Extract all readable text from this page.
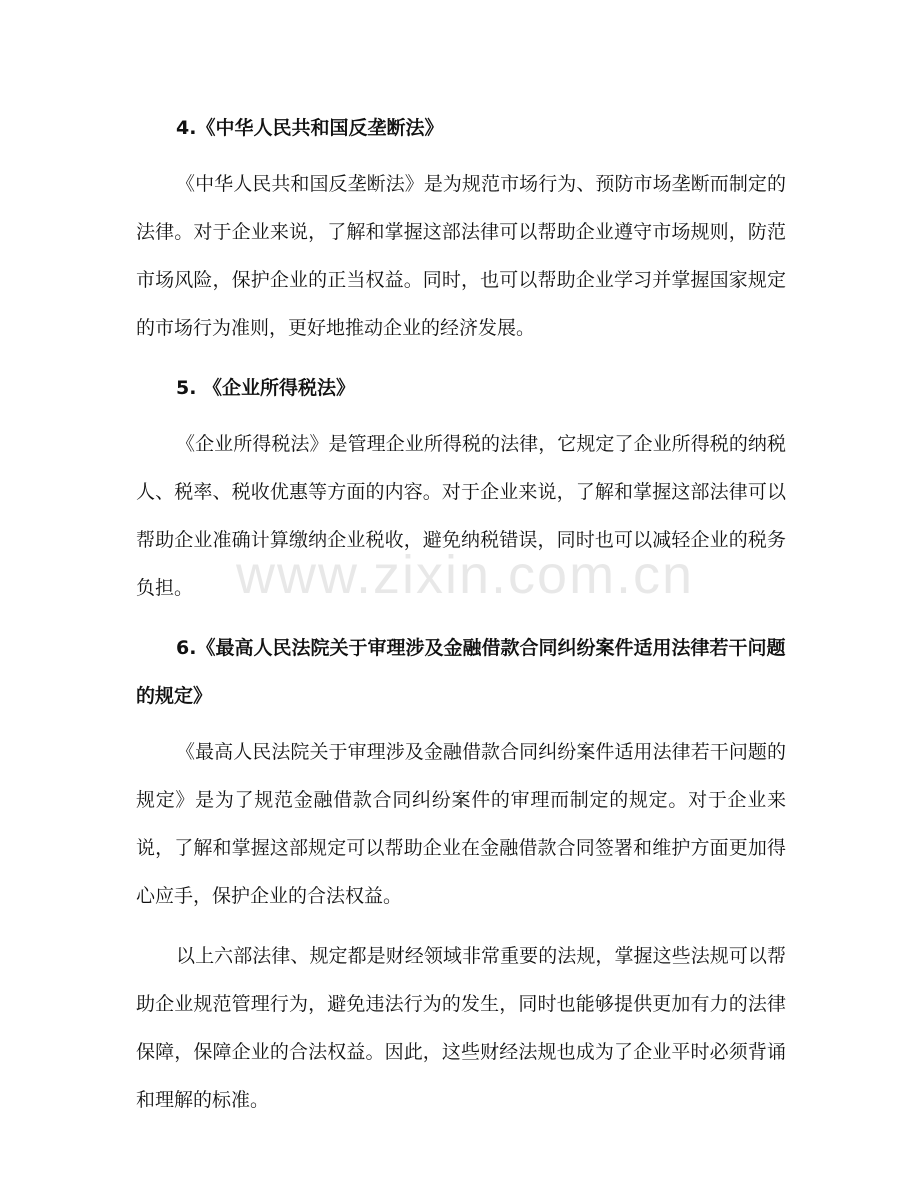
4.《中华人民共和国反垄断法》

《中华人民共和国反垄断法》是为规范市场行为、预防市场垄断而制定的法律。对于企业来说，了解和掌握这部法律可以帮助企业遵守市场规则，防范市场风险，保护企业的正当权益。同时，也可以帮助企业学习并掌握国家规定的市场行为准则，更好地推动企业的经济发展。

5. 《企业所得税法》

《企业所得税法》是管理企业所得税的法律，它规定了企业所得税的纳税人、税率、税收优惠等方面的内容。对于企业来说，了解和掌握这部法律可以帮助企业准确计算缴纳企业税收，避免纳税错误，同时也可以减轻企业的税务负担。

6.《最高人民法院关于审理涉及金融借款合同纠纷案件适用法律若干问题的规定》

《最高人民法院关于审理涉及金融借款合同纠纷案件适用法律若干问题的规定》是为了规范金融借款合同纠纷案件的审理而制定的规定。对于企业来说，了解和掌握这部规定可以帮助企业在金融借款合同签署和维护方面更加得心应手，保护企业的合法权益。

以上六部法律、规定都是财经领域非常重要的法规，掌握这些法规可以帮助企业规范管理行为，避免违法行为的发生，同时也能够提供更加有力的法律保障，保障企业的合法权益。因此，这些财经法规也成为了企业平时必须背诵和理解的标准。

www.zixin.com.cn
